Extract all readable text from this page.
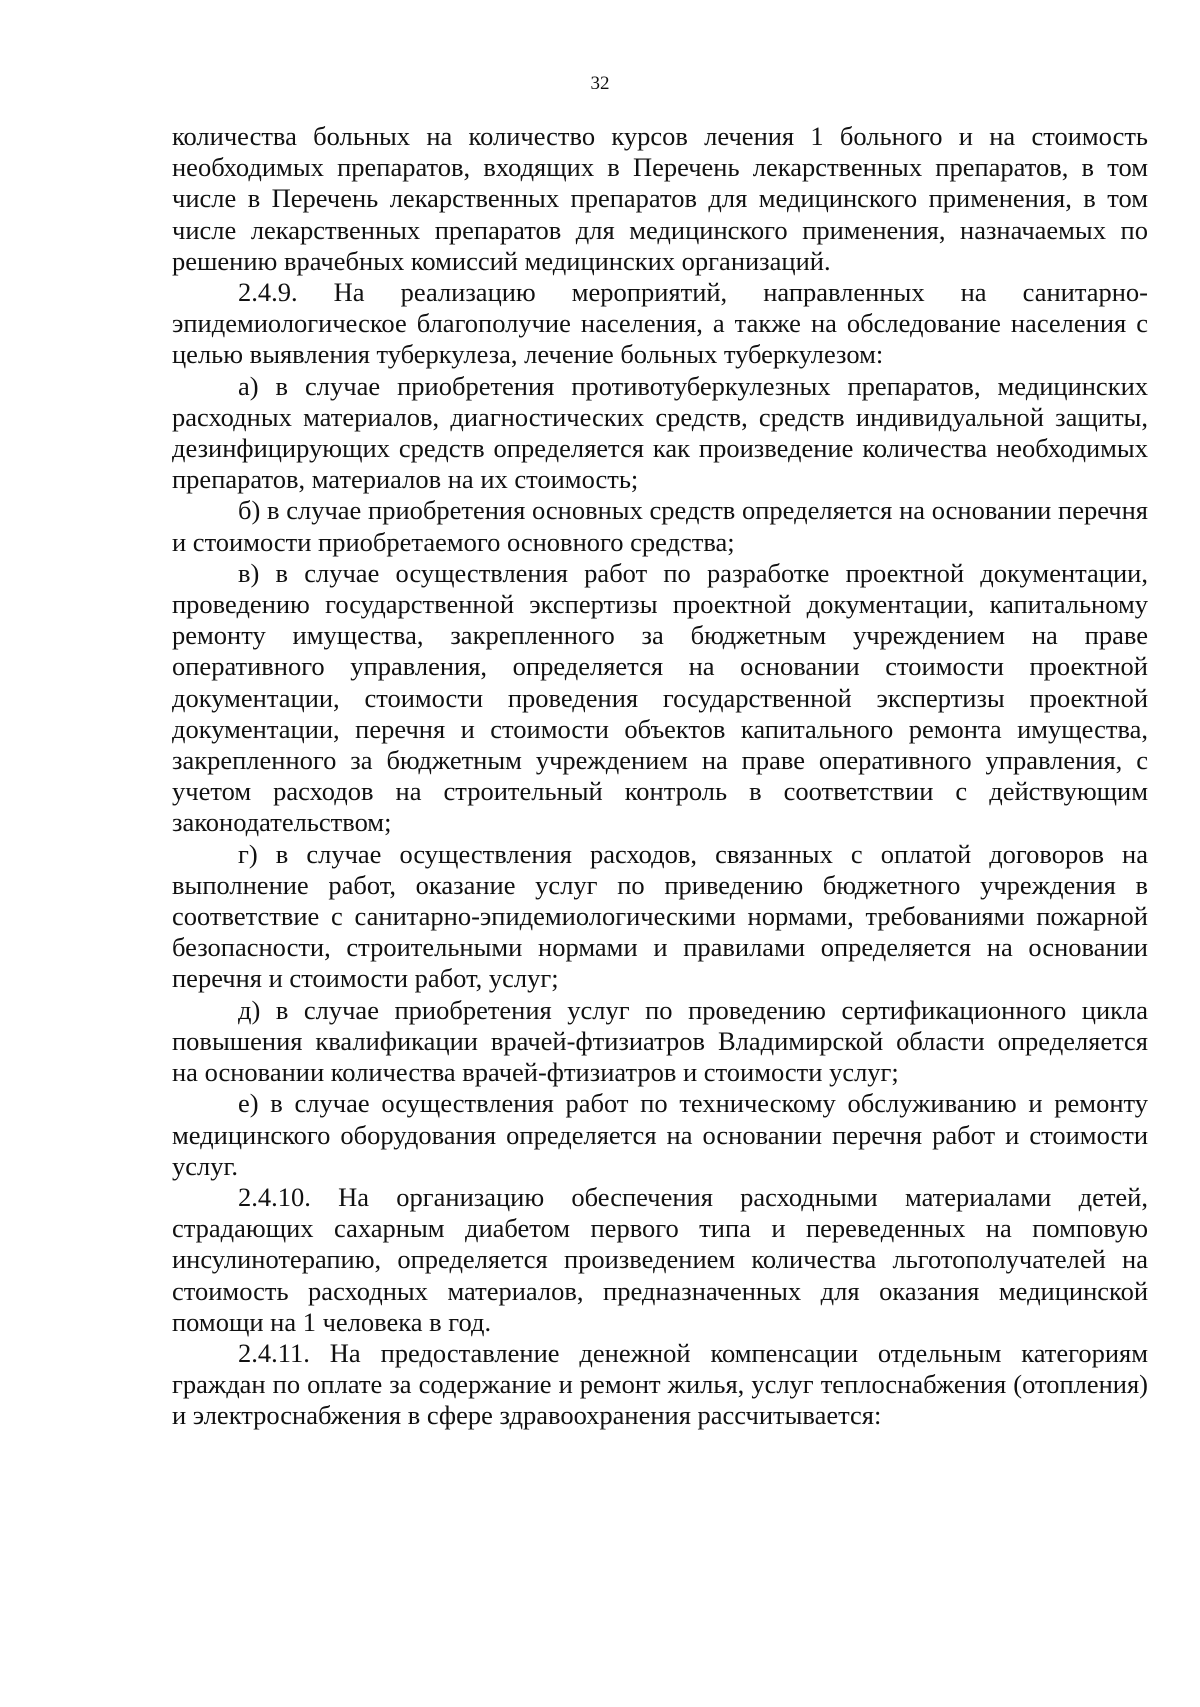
32

количества больных на количество курсов лечения 1 больного и на стоимость необходимых препаратов, входящих в Перечень лекарственных препаратов, в том числе в Перечень лекарственных препаратов для медицинского применения, в том числе лекарственных препаратов для медицинского применения, назначаемых по решению врачебных комиссий медицинских организаций.

2.4.9. На реализацию мероприятий, направленных на санитарно-эпидемиологическое благополучие населения, а также на обследование населения с целью выявления туберкулеза, лечение больных туберкулезом:

а) в случае приобретения противотуберкулезных препаратов, медицинских расходных материалов, диагностических средств, средств индивидуальной защиты, дезинфицирующих средств определяется как произведение количества необходимых препаратов, материалов на их стоимость;

б) в случае приобретения основных средств определяется на основании перечня и стоимости приобретаемого основного средства;

в) в случае осуществления работ по разработке проектной документации, проведению государственной экспертизы проектной документации, капитальному ремонту имущества, закрепленного за бюджетным учреждением на праве оперативного управления, определяется на основании стоимости проектной документации, стоимости проведения государственной экспертизы проектной документации, перечня и стоимости объектов капитального ремонта имущества, закрепленного за бюджетным учреждением на праве оперативного управления, с учетом расходов на строительный контроль в соответствии с действующим законодательством;

г) в случае осуществления расходов, связанных с оплатой договоров на выполнение работ, оказание услуг по приведению бюджетного учреждения в соответствие с санитарно-эпидемиологическими нормами, требованиями пожарной безопасности, строительными нормами и правилами определяется на основании перечня и стоимости работ, услуг;

д) в случае приобретения услуг по проведению сертификационного цикла повышения квалификации врачей-фтизиатров Владимирской области определяется на основании количества врачей-фтизиатров и стоимости услуг;

е) в случае осуществления работ по техническому обслуживанию и ремонту медицинского оборудования определяется на основании перечня работ и стоимости услуг.

2.4.10. На организацию обеспечения расходными материалами детей, страдающих сахарным диабетом первого типа и переведенных на помповую инсулинотерапию, определяется произведением количества льготополучателей на стоимость расходных материалов, предназначенных для оказания медицинской помощи на 1 человека в год.

2.4.11. На предоставление денежной компенсации отдельным категориям граждан по оплате за содержание и ремонт жилья, услуг теплоснабжения (отопления) и электроснабжения в сфере здравоохранения рассчитывается:
